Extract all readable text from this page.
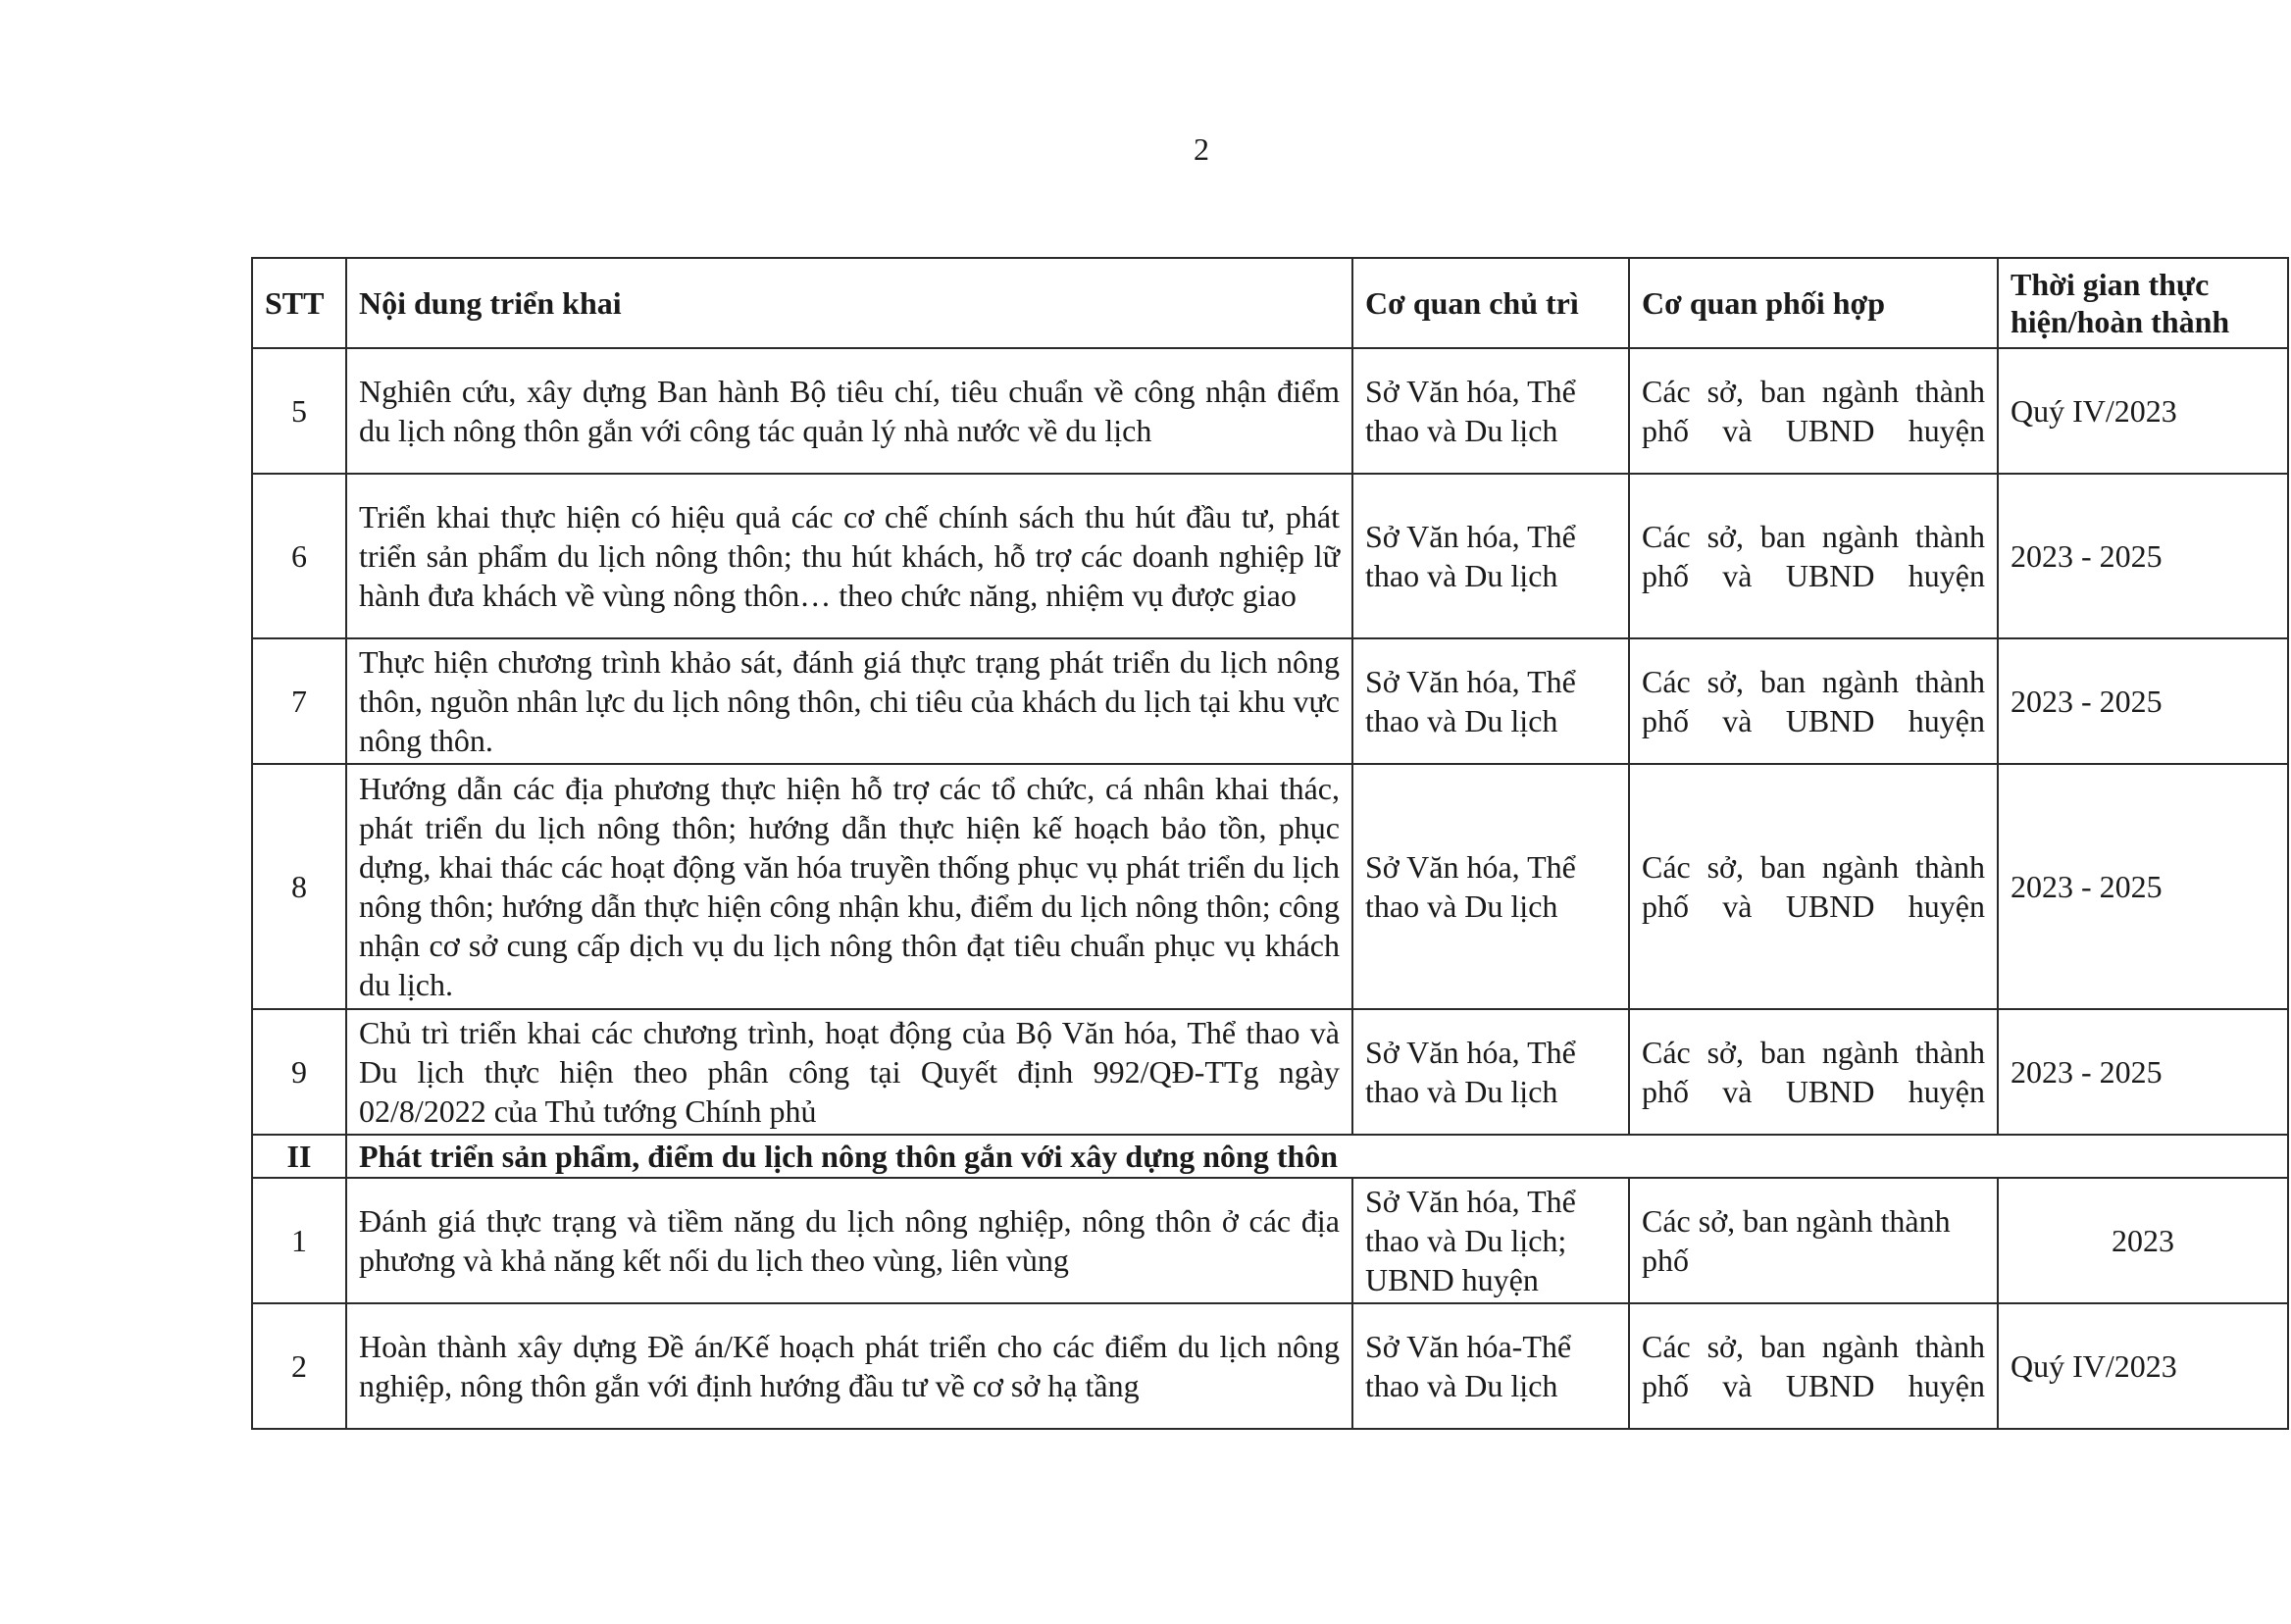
2
STT	Nội dung triển khai	Cơ quan chủ trì	Cơ quan phối hợp	Thời gian thực hiện/hoàn thành
5	Nghiên cứu, xây dựng Ban hành Bộ tiêu chí, tiêu chuẩn về công nhận điểm du lịch nông thôn gắn với công tác quản lý nhà nước về du lịch	Sở Văn hóa, Thể thao và Du lịch	Các sở, ban ngành thành phố và UBND huyện	Quý IV/2023
6	Triển khai thực hiện có hiệu quả các cơ chế chính sách thu hút đầu tư, phát triển sản phẩm du lịch nông thôn; thu hút khách, hỗ trợ các doanh nghiệp lữ hành đưa khách về vùng nông thôn… theo chức năng, nhiệm vụ được giao	Sở Văn hóa, Thể thao và Du lịch	Các sở, ban ngành thành phố và UBND huyện	2023 - 2025
7	Thực hiện chương trình khảo sát, đánh giá thực trạng phát triển du lịch nông thôn, nguồn nhân lực du lịch nông thôn, chi tiêu của khách du lịch tại khu vực nông thôn.	Sở Văn hóa, Thể thao và Du lịch	Các sở, ban ngành thành phố và UBND huyện	2023 - 2025
8	Hướng dẫn các địa phương thực hiện hỗ trợ các tổ chức, cá nhân khai thác, phát triển du lịch nông thôn; hướng dẫn thực hiện kế hoạch bảo tồn, phục dựng, khai thác các hoạt động văn hóa truyền thống phục vụ phát triển du lịch nông thôn; hướng dẫn thực hiện công nhận khu, điểm du lịch nông thôn; công nhận cơ sở cung cấp dịch vụ du lịch nông thôn đạt tiêu chuẩn phục vụ khách du lịch.	Sở Văn hóa, Thể thao và Du lịch	Các sở, ban ngành thành phố và UBND huyện	2023 - 2025
9	Chủ trì triển khai các chương trình, hoạt động của Bộ Văn hóa, Thể thao và Du lịch thực hiện theo phân công tại Quyết định 992/QĐ-TTg ngày 02/8/2022 của Thủ tướng Chính phủ	Sở Văn hóa, Thể thao và Du lịch	Các sở, ban ngành thành phố và UBND huyện	2023 - 2025
II	Phát triển sản phẩm, điểm du lịch nông thôn gắn với xây dựng nông thôn			
1	Đánh giá thực trạng và tiềm năng du lịch nông nghiệp, nông thôn ở các địa phương và khả năng kết nối du lịch theo vùng, liên vùng	Sở Văn hóa, Thể thao và Du lịch; UBND huyện	Các sở, ban ngành thành phố	2023
2	Hoàn thành xây dựng Đề án/Kế hoạch phát triển cho các điểm du lịch nông nghiệp, nông thôn gắn với định hướng đầu tư về cơ sở hạ tầng	Sở Văn hóa-Thể thao và Du lịch	Các sở, ban ngành thành phố và UBND huyện	Quý IV/2023
